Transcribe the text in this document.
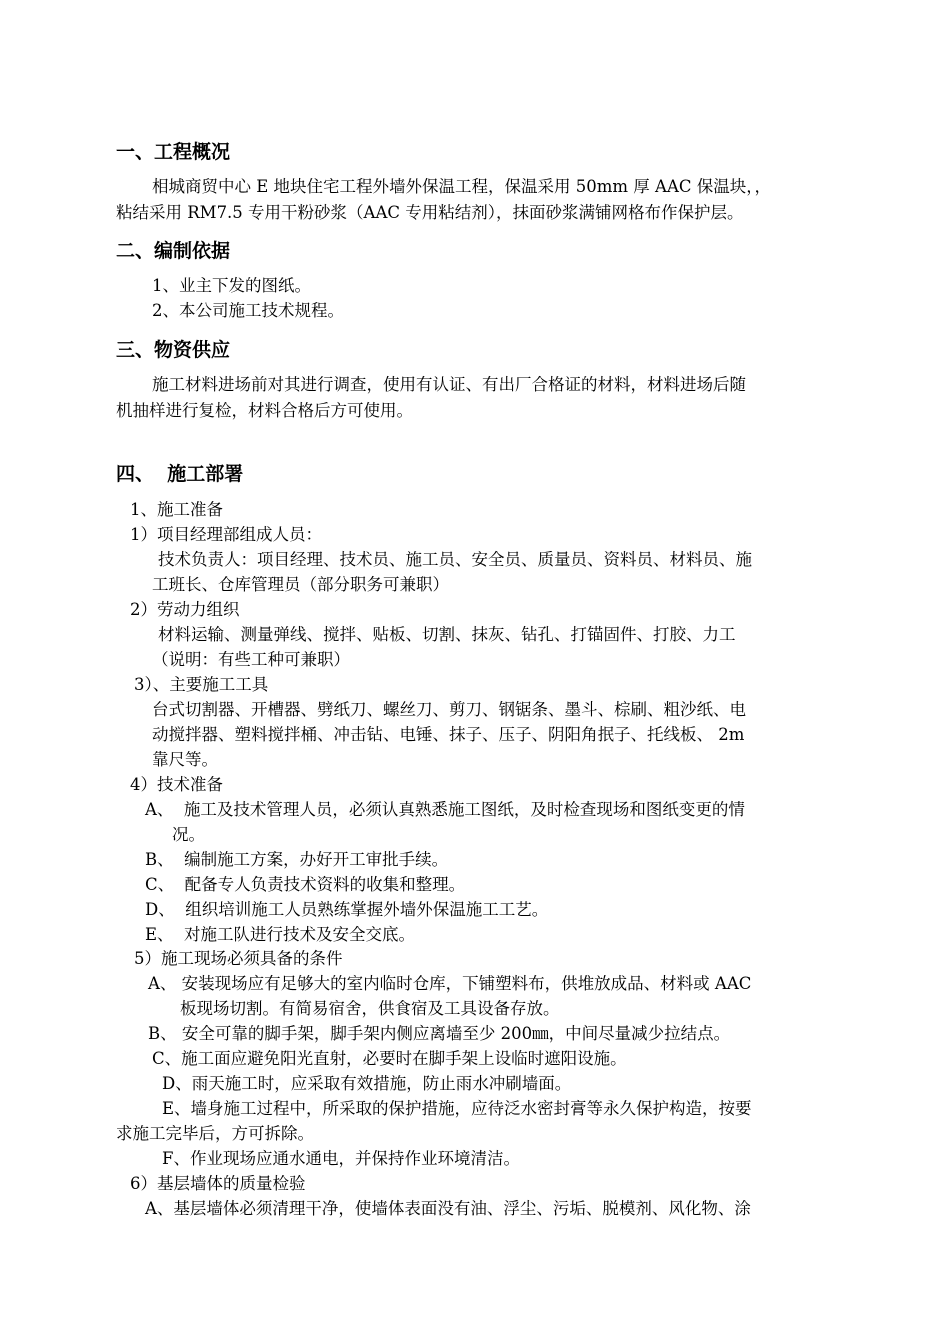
一、工程概况
相城商贸中心 E 地块住宅工程外墙外保温工程，保温采用 50mm 厚 AAC 保温块，，
粘结采用 RM7.5 专用干粉砂浆（AAC 专用粘结剂），抹面砂浆满铺网格布作保护层。
二、编制依据
1、业主下发的图纸。
2、本公司施工技术规程。
三、物资供应
施工材料进场前对其进行调查，使用有认证、有出厂合格证的材料，材料进场后随
机抽样进行复检，材料合格后方可使用。
四、  施工部署
1、施工准备
1）项目经理部组成人员：
技术负责人：项目经理、技术员、施工员、安全员、质量员、资料员、材料员、施
工班长、仓库管理员（部分职务可兼职）
2）劳动力组织
材料运输、测量弹线、搅拌、贴板、切割、抹灰、钻孔、打锚固件、打胶、力工
（说明：有些工种可兼职）
3）、主要施工工具
台式切割器、开槽器、劈纸刀、螺丝刀、剪刀、钢锯条、墨斗、棕刷、粗沙纸、电
动搅拌器、塑料搅拌桶、冲击钻、电锤、抹子、压子、阴阳角抿子、托线板、 2m
靠尺等。
4）技术准备
A、  施工及技术管理人员，必须认真熟悉施工图纸，及时检查现场和图纸变更的情
况。
B、  编制施工方案，办好开工审批手续。
C、  配备专人负责技术资料的收集和整理。
D、  组织培训施工人员熟练掌握外墙外保温施工工艺。
E、  对施工队进行技术及安全交底。
5）施工现场必须具备的条件
A、 安装现场应有足够大的室内临时仓库，下铺塑料布，供堆放成品、材料或 AAC
板现场切割。有简易宿舍，供食宿及工具设备存放。
B、 安全可靠的脚手架，脚手架内侧应离墙至少 200㎜，中间尽量减少拉结点。
C、施工面应避免阳光直射，必要时在脚手架上设临时遮阳设施。
D、雨天施工时，应采取有效措施，防止雨水冲刷墙面。
E、墙身施工过程中，所采取的保护措施，应待泛水密封膏等永久保护构造，按要
求施工完毕后，方可拆除。
F、作业现场应通水通电，并保持作业环境清洁。
6）基层墙体的质量检验
A、基层墙体必须清理干净，使墙体表面没有油、浮尘、污垢、脱模剂、风化物、涂
